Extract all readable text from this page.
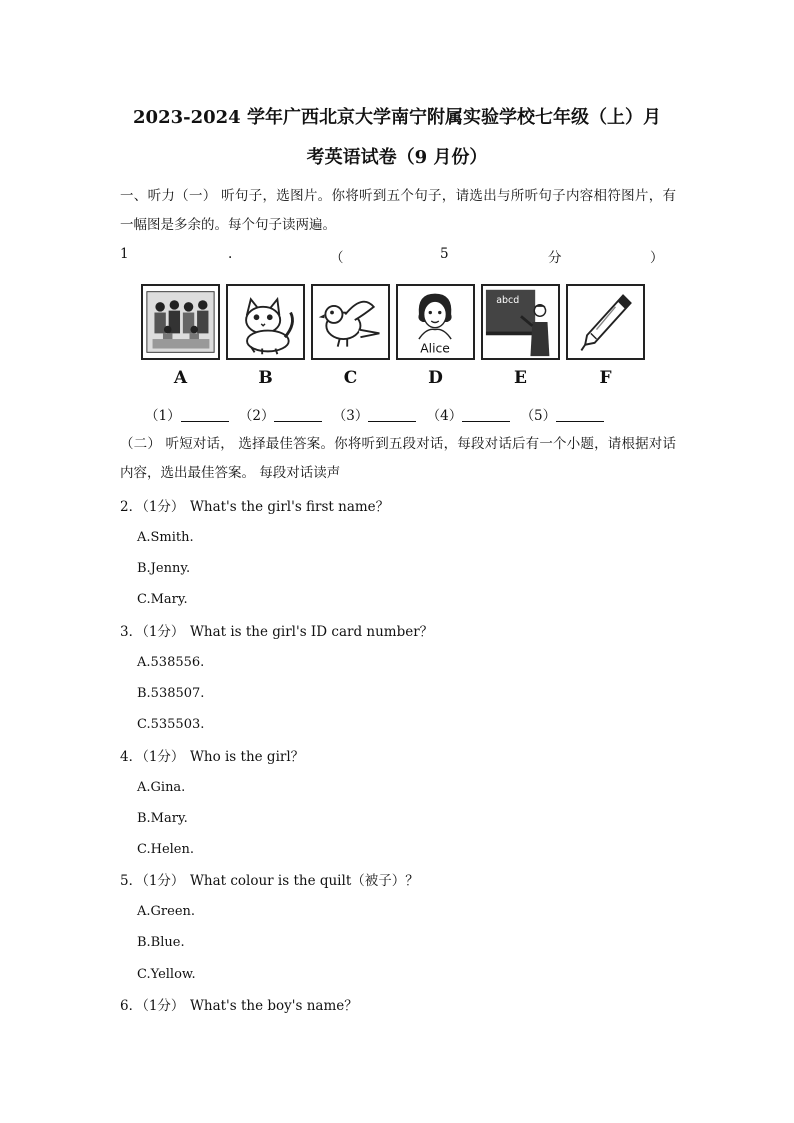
2023-2024 学年广西北京大学南宁附属实验学校七年级（上）月
考英语试卷（9 月份）
一、听力（一） 听句子，选图片。你将听到五个句子，请选出与所听句子内容相符图片，有一幅图是多余的。每个句子读两遍。
1	.	（	5	分	）
A	B	C
Alice
D
abcd
E	F
（1）	（2）	（3）	（4）	（5）
（二） 听短对话， 选择最佳答案。你将听到五段对话，每段对话后有一个小题，请根据对话内容，选出最佳答案。 每段对话读声
2．（1分） What's the girl's first name？
A.Smith.
B.Jenny.
C.Mary.
3．（1分） What is the girl's ID card number？
A.538556.
B.538507.
C.535503.
4．（1分） Who is the girl？
A.Gina.
B.Mary.
C.Helen.
5．（1分） What colour is the quilt（被子）？
A.Green.
B.Blue.
C.Yellow.
6．（1分） What's the boy's name？
